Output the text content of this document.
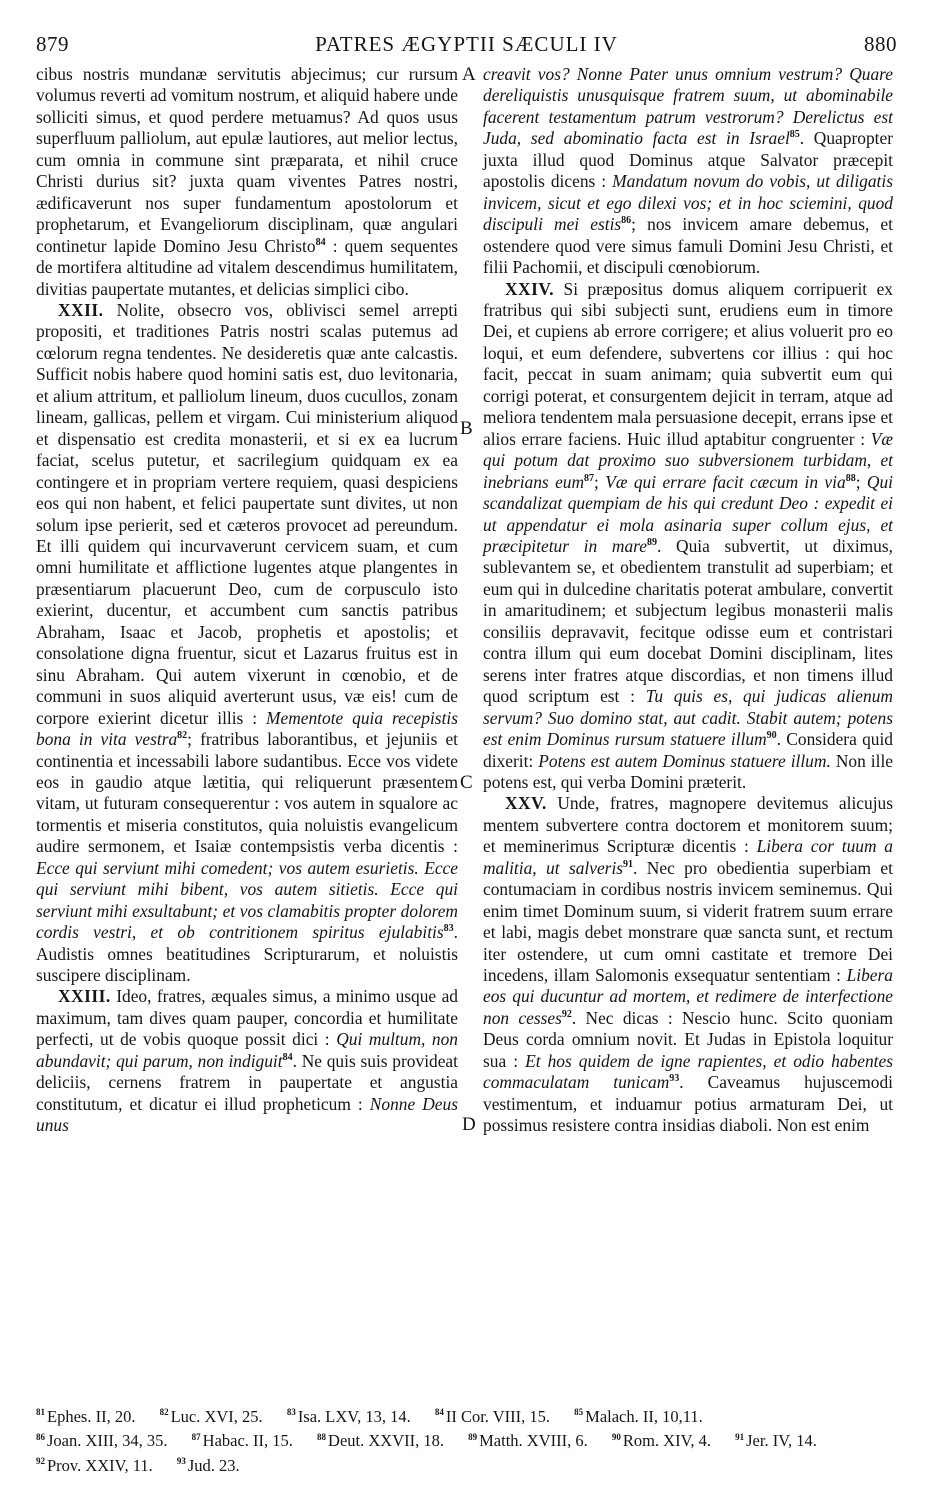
879	PATRES ÆGYPTII SÆCULI IV	880
A
B
C
D

cibus nostris mundanæ servitutis abjecimus; cur rursum volumus reverti ad vomitum nostrum, et aliquid habere unde solliciti simus, et quod perdere metuamus? Ad quos usus superfluum palliolum, aut epulæ lautiores, aut melior lectus, cum omnia in commune sint præparata, et nihil cruce Christi durius sit? juxta quam viventes Patres nostri, ædificaverunt nos super fundamentum apostolorum et prophetarum, et Evangeliorum disciplinam, quæ angulari continetur lapide Domino Jesu Christo$^{84}$ : quem sequentes de mortifera altitudine ad vitalem descendimus humilitatem, divitias paupertate mutantes, et delicias simplici cibo.

XXII. Nolite, obsecro vos, oblivisci semel arrepti propositi, et traditiones Patris nostri scalas putemus ad cœlorum regna tendentes. Ne desideretis quæ ante calcastis. Sufficit nobis habere quod homini satis est, duo levitonaria, et alium attritum, et palliolum lineum, duos cucullos, zonam lineam, gallicas, pellem et virgam. Cui ministerium aliquod et dispensatio est credita monasterii, et si ex ea lucrum faciat, scelus putetur, et sacrilegium quidquam ex ea contingere et in propriam vertere requiem, quasi despiciens eos qui non habent, et felici paupertate sunt divites, ut non solum ipse perierit, sed et cæteros provocet ad pereundum. Et illi quidem qui incurvaverunt cervicem suam, et cum omni humilitate et afflictione lugentes atque plangentes in præsentiarum placuerunt Deo, cum de corpusculo isto exierint, ducentur, et accumbent cum sanctis patribus Abraham, Isaac et Jacob, prophetis et apostolis; et consolatione digna fruentur, sicut et Lazarus fruitus est in sinu Abraham. Qui autem vixerunt in cœnobio, et de communi in suos aliquid averterunt usus, væ eis! cum de corpore exierint dicetur illis : Mementote quia recepistis bona in vita vestra$^{82}$; fratribus laborantibus, et jejuniis et continentia et incessabili labore sudantibus. Ecce vos videte eos in gaudio atque lætitia, qui reliquerunt præsentem vitam, ut futuram consequerentur : vos autem in squalore ac tormentis et miseria constitutos, quia noluistis evangelicum audire sermonem, et Isaiæ contempsistis verba dicentis : Ecce qui serviunt mihi comedent; vos autem esurietis. Ecce qui serviunt mihi bibent, vos autem sitietis. Ecce qui serviunt mihi exsultabunt; et vos clamabitis propter dolorem cordis vestri, et ob contritionem spiritus ejulabitis$^{83}$. Audistis omnes beatitudines Scripturarum, et noluistis suscipere disciplinam.

XXIII. Ideo, fratres, æquales simus, a minimo usque ad maximum, tam dives quam pauper, concordia et humilitate perfecti, ut de vobis quoque possit dici : Qui multum, non abundavit; qui parum, non indiguit$^{84}$. Ne quis suis provideat deliciis, cernens fratrem in paupertate et angustia constitutum, et dicatur ei illud propheticum : Nonne Deus unus

creavit vos? Nonne Pater unus omnium vestrum? Quare dereliquistis unusquisque fratrem suum, ut abominabile facerent testamentum patrum vestrorum? Derelictus est Juda, sed abominatio facta est in Israel$^{85}$. Quapropter juxta illud quod Dominus atque Salvator præcepit apostolis dicens : Mandatum novum do vobis, ut diligatis invicem, sicut et ego dilexi vos; et in hoc sciemini, quod discipuli mei estis$^{86}$; nos invicem amare debemus, et ostendere quod vere simus famuli Domini Jesu Christi, et filii Pachomii, et discipuli cœnobiorum.

XXIV. Si præpositus domus aliquem corripuerit ex fratribus qui sibi subjecti sunt, erudiens eum in timore Dei, et cupiens ab errore corrigere; et alius voluerit pro eo loqui, et eum defendere, subvertens cor illius : qui hoc facit, peccat in suam animam; quia subvertit eum qui corrigi poterat, et consurgentem dejicit in terram, atque ad meliora tendentem mala persuasione decepit, errans ipse et alios errare faciens. Huic illud aptabitur congruenter : Væ qui potum dat proximo suo subversionem turbidam, et inebrians eum$^{87}$; Væ qui errare facit cæcum in via$^{88}$; Qui scandalizat quempiam de his qui credunt Deo : expedit ei ut appendatur ei mola asinaria super collum ejus, et præcipitetur in mare$^{89}$. Quia subvertit, ut diximus, sublevantem se, et obedientem transtulit ad superbiam; et eum qui in dulcedine charitatis poterat ambulare, convertit in amaritudinem; et subjectum legibus monasterii malis consiliis depravavit, fecitque odisse eum et contristari contra illum qui eum docebat Domini disciplinam, lites serens inter fratres atque discordias, et non timens illud quod scriptum est : Tu quis es, qui judicas alienum servum? Suo domino stat, aut cadit. Stabit autem; potens est enim Dominus rursum statuere illum$^{90}$. Considera quid dixerit: Potens est autem Dominus statuere illum. Non ille potens est, qui verba Domini præterit.

XXV. Unde, fratres, magnopere devitemus alicujus mentem subvertere contra doctorem et monitorem suum; et meminerimus Scripturæ dicentis : Libera cor tuum a malitia, ut salveris$^{91}$. Nec pro obedientia superbiam et contumaciam in cordibus nostris invicem seminemus. Qui enim timet Dominum suum, si viderit fratrem suum errare et labi, magis debet monstrare quæ sancta sunt, et rectum iter ostendere, ut cum omni castitate et tremore Dei incedens, illam Salomonis exsequatur sententiam : Libera eos qui ducuntur ad mortem, et redimere de interfectione non cesses$^{92}$. Nec dicas : Nescio hunc. Scito quoniam Deus corda omnium novit. Et Judas in Epistola loquitur sua : Et hos quidem de igne rapientes, et odio habentes commaculatam tunicam$^{93}$. Caveamus hujuscemodi vestimentum, et induamur potius armaturam Dei, ut possimus resistere contra insidias diaboli. Non est enim

$^{81}$ Ephes. II, 20.	$^{82}$ Luc. XVI, 25.	$^{83}$ Isa. LXV, 13, 14.	$^{84}$ II Cor. VIII, 15.	$^{85}$ Malach. II, 10,11.
$^{86}$ Joan. XIII, 34, 35.	$^{87}$ Habac. II, 15.	$^{88}$ Deut. XXVII, 18.	$^{89}$ Matth. XVIII, 6.	$^{90}$ Rom. XIV, 4.	$^{91}$ Jer. IV, 14.
$^{92}$ Prov. XXIV, 11.	$^{93}$ Jud. 23.
